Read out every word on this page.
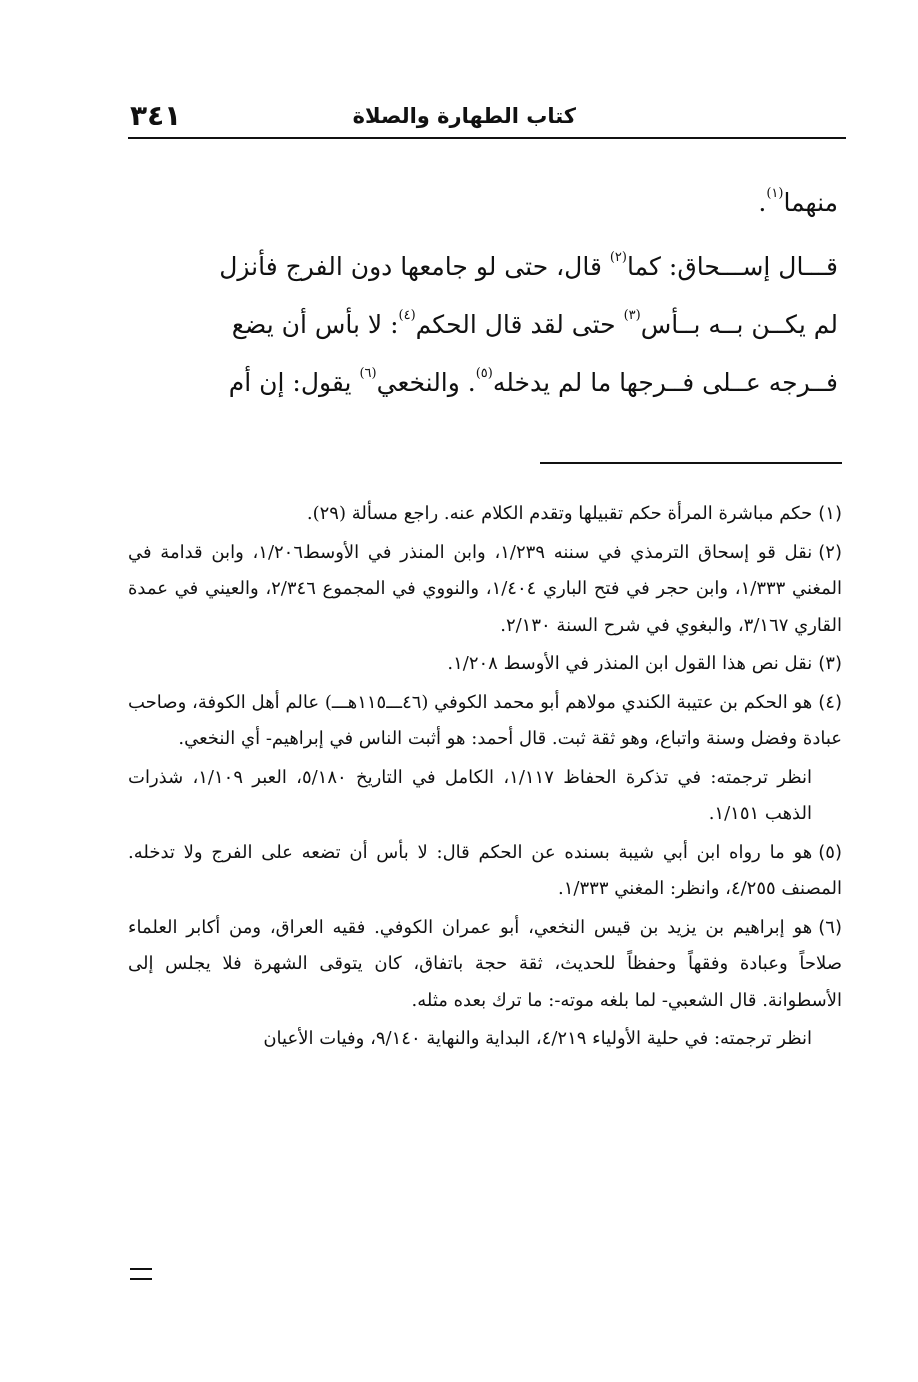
٣٤١	كتاب الطهارة والصلاة

منهما$^{(١)}$.

قـــال إســـحاق: كما$^{(٢)}$ قال، حتى لو جامعها دون الفرج فأنزل

لم يكــن بــه بــأس$^{(٣)}$ حتى لقد قال الحكم$^{(٤)}$: لا بأس أن يضع

فــرجه عــلى فــرجها ما لم يدخله$^{(٥)}$. والنخعي$^{(٦)}$ يقول: إن أم

(١)حكم مباشرة المرأة حكم تقبيلها وتقدم الكلام عنه. راجع مسألة (٢٩).

(٢)نقل قو إسحاق الترمذي في سننه ١/٢٣٩، وابن المنذر في الأوسط١/٢٠٦، وابن قدامة في المغني ١/٣٣٣، وابن حجر في فتح الباري ١/٤٠٤، والنووي في المجموع ٢/٣٤٦، والعيني في عمدة القاري ٣/١٦٧، والبغوي في شرح السنة ٢/١٣٠.

(٣)نقل نص هذا القول ابن المنذر في الأوسط ١/٢٠٨.

(٤)هو الحكم بن عتيبة الكندي مولاهم أبو محمد الكوفي (٤٦ـــ١١٥هـــ) عالم أهل الكوفة، وصاحب عبادة وفضل وسنة واتباع، وهو ثقة ثبت. قال أحمد: هو أثبت الناس في إبراهيم- أي النخعي.

انظر ترجمته: في تذكرة الحفاظ ١/١١٧، الكامل في التاريخ ٥/١٨٠، العبر ١/١٠٩، شذرات الذهب ١/١٥١.

(٥)هو ما رواه ابن أبي شيبة بسنده عن الحكم قال: لا بأس أن تضعه على الفرج ولا تدخله. المصنف ٤/٢٥٥، وانظر: المغني ١/٣٣٣.

(٦)هو إبراهيم بن يزيد بن قيس النخعي، أبو عمران الكوفي. فقيه العراق، ومن أكابر العلماء صلاحاً وعبادة وفقهاً وحفظاً للحديث، ثقة حجة باتفاق، كان يتوقى الشهرة فلا يجلس إلى الأسطوانة. قال الشعبي- لما بلغه موته-: ما ترك بعده مثله.

انظر ترجمته: في حلية الأولياء ٤/٢١٩، البداية والنهاية ٩/١٤٠، وفيات الأعيان
